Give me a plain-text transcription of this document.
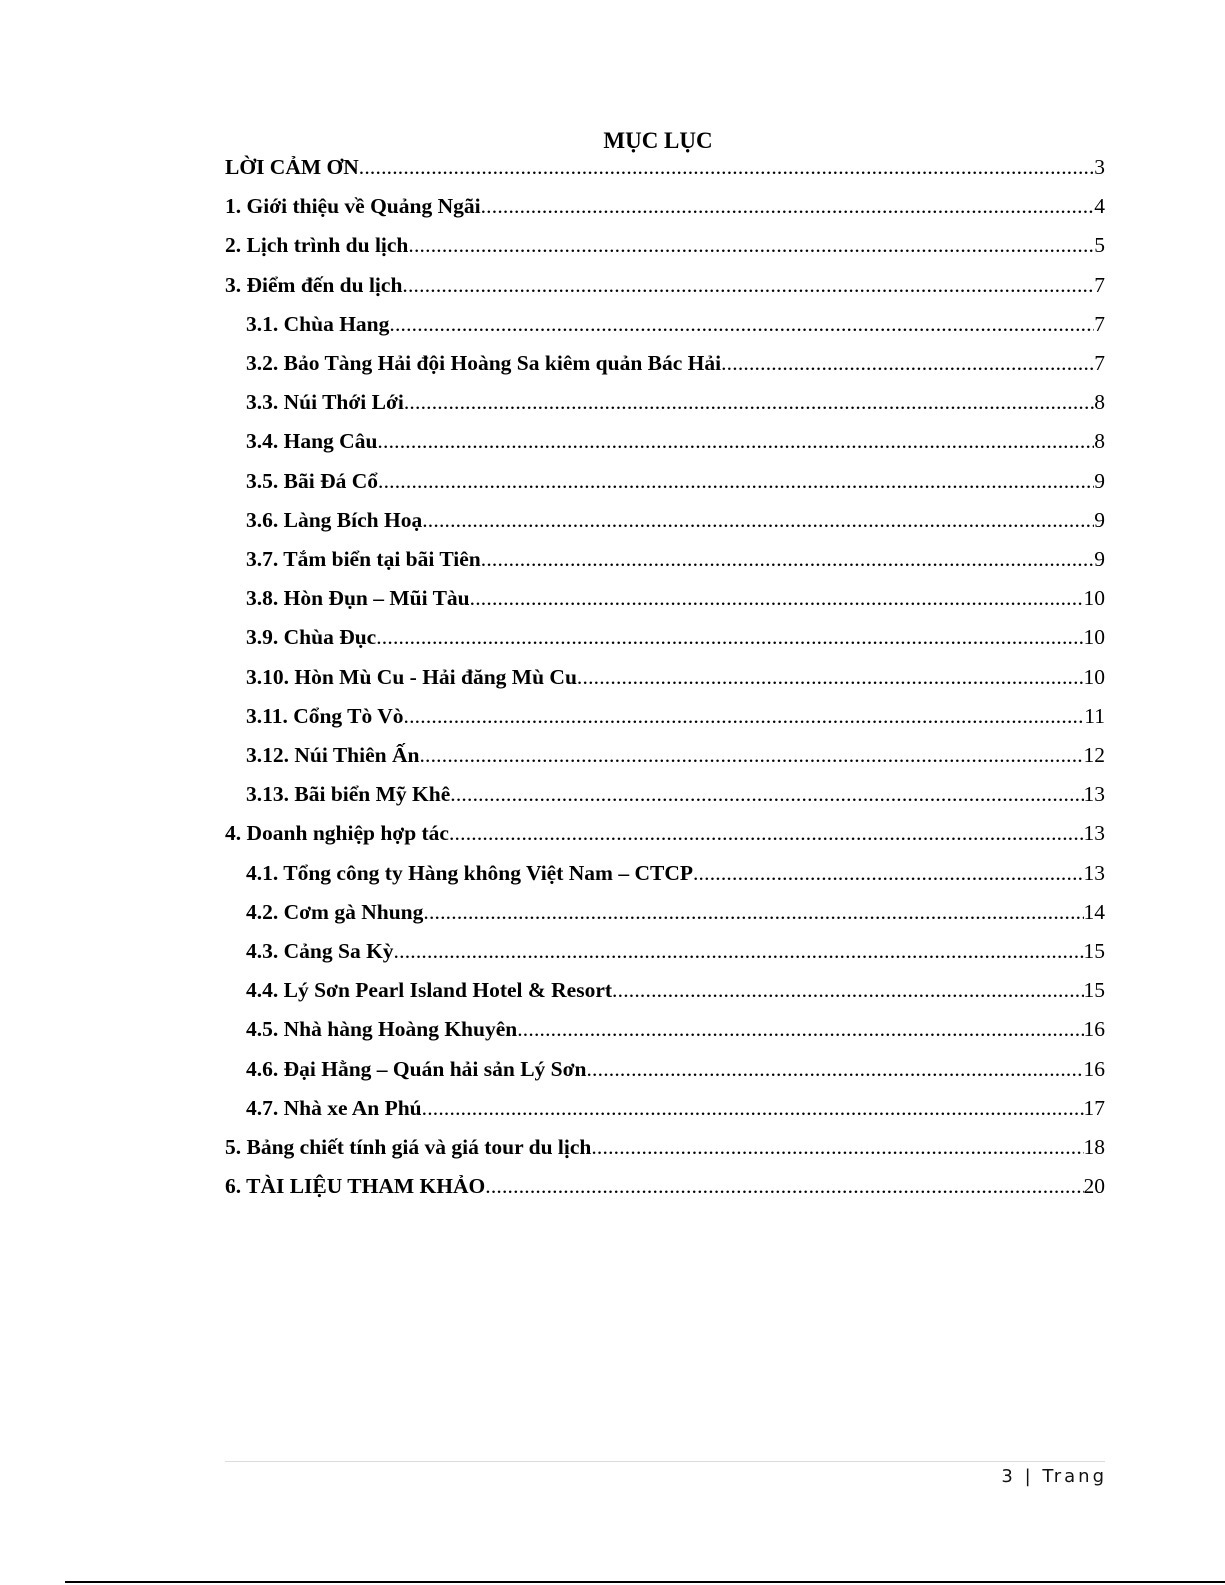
MỤC LỤC
LỜI CẢM ƠN .....	3
1. Giới thiệu về Quảng Ngãi .....	4
2. Lịch trình du lịch .....	5
3. Điểm đến du lịch .....	7
3.1. Chùa Hang .....	7
3.2. Bảo Tàng Hải đội Hoàng Sa kiêm quản Bác Hải .....	7
3.3. Núi Thới Lới .....	8
3.4. Hang Câu .....	8
3.5. Bãi Đá Cổ .....	9
3.6. Làng Bích Hoạ .....	9
3.7. Tắm biển tại bãi Tiên .....	9
3.8. Hòn Đụn – Mũi Tàu .....	10
3.9. Chùa Đục .....	10
3.10. Hòn Mù Cu - Hải đăng Mù Cu .....	10
3.11. Cổng Tò Vò .....	11
3.12. Núi Thiên Ấn .....	12
3.13. Bãi biển Mỹ Khê .....	13
4. Doanh nghiệp hợp tác .....	13
4.1. Tổng công ty Hàng không Việt Nam – CTCP .....	13
4.2. Cơm gà Nhung .....	14
4.3. Cảng Sa Kỳ .....	15
4.4. Lý Sơn Pearl Island Hotel & Resort .....	15
4.5. Nhà hàng Hoàng Khuyên .....	16
4.6. Đại Hằng – Quán hải sản Lý Sơn .....	16
4.7. Nhà xe An Phú .....	17
5. Bảng chiết tính giá và giá tour du lịch .....	18
6. TÀI LIỆU THAM KHẢO .....	20
3 | Trang
